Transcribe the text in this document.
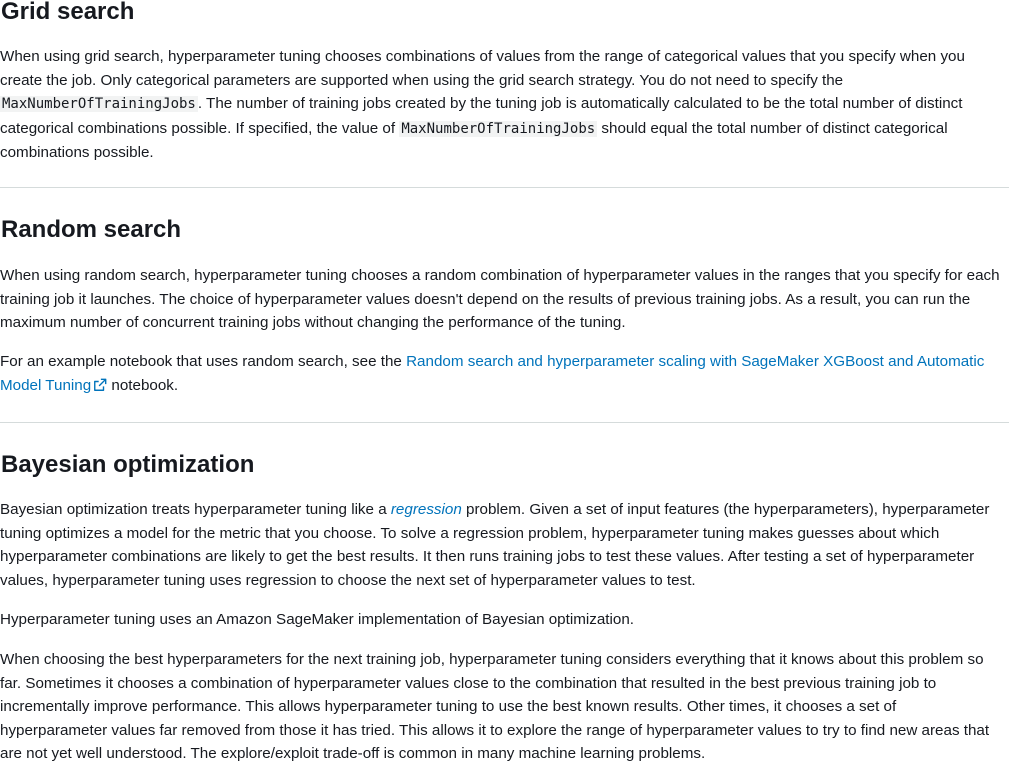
Grid search

When using grid search, hyperparameter tuning chooses combinations of values from the range of categorical values that you specify when you create the job. Only categorical parameters are supported when using the grid search strategy. You do not need to specify the MaxNumberOfTrainingJobs . The number of training jobs created by the tuning job is automatically calculated to be the total number of distinct categorical combinations possible. If specified, the value of MaxNumberOfTrainingJobs should equal the total number of distinct categorical combinations possible.

Random search

When using random search, hyperparameter tuning chooses a random combination of hyperparameter values in the ranges that you specify for each training job it launches. The choice of hyperparameter values doesn't depend on the results of previous training jobs. As a result, you can run the maximum number of concurrent training jobs without changing the performance of the tuning.

For an example notebook that uses random search, see the Random search and hyperparameter scaling with SageMaker XGBoost and Automatic Model Tuning notebook.

Bayesian optimization

Bayesian optimization treats hyperparameter tuning like a regression problem. Given a set of input features (the hyperparameters), hyperparameter tuning optimizes a model for the metric that you choose. To solve a regression problem, hyperparameter tuning makes guesses about which hyperparameter combinations are likely to get the best results. It then runs training jobs to test these values. After testing a set of hyperparameter values, hyperparameter tuning uses regression to choose the next set of hyperparameter values to test.

Hyperparameter tuning uses an Amazon SageMaker implementation of Bayesian optimization.

When choosing the best hyperparameters for the next training job, hyperparameter tuning considers everything that it knows about this problem so far. Sometimes it chooses a combination of hyperparameter values close to the combination that resulted in the best previous training job to incrementally improve performance. This allows hyperparameter tuning to use the best known results. Other times, it chooses a set of hyperparameter values far removed from those it has tried. This allows it to explore the range of hyperparameter values to try to find new areas that are not yet well understood. The explore/exploit trade-off is common in many machine learning problems.
